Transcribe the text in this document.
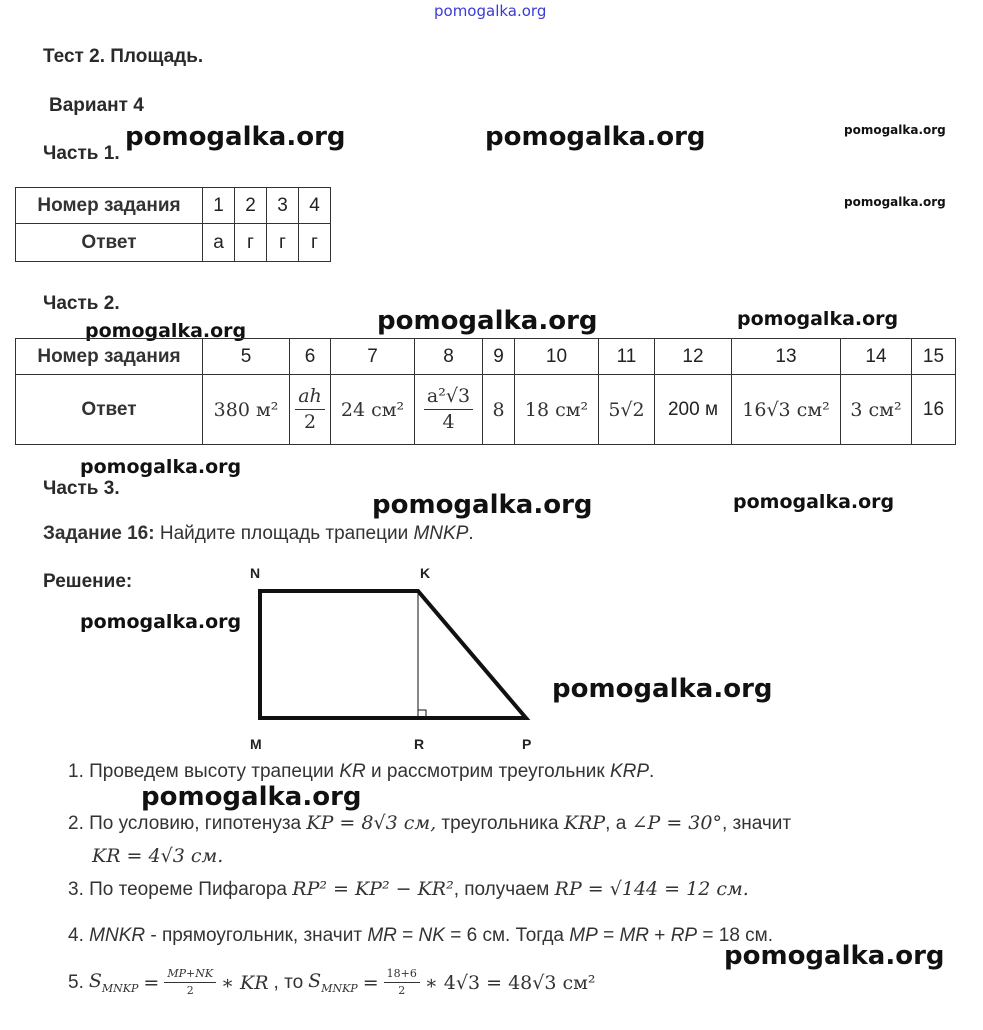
pomogalka.org
pomogalka.org	pomogalka.org	pomogalka.org
pomogalka.org
pomogalka.org	pomogalka.org	pomogalka.org
pomogalka.org
pomogalka.org	pomogalka.org
pomogalka.org
pomogalka.org
pomogalka.org
pomogalka.org
Тест 2. Площадь.
Вариант 4
Часть 1.
Номер задания	1	2	3	4
Ответ	а	г	г	г
Часть 2.
Номер задания	5	6	7	8	9	10	11	12	13	14	15
Ответ	380 м²	$\frac{ah}{2}$	24 см²	$\frac{\text{a²√3}}{4}$	8	18 см²	5√2	200 м	16√3 см²	3 см²	16
Часть 3.
Задание 16: Найдите площадь трапеции MNKP.
Решение:	N	K
M	R	P
1. Проведем высоту трапеции KR и рассмотрим треугольник KRP.
2. По условию, гипотенуза KP = 8√3 см, треугольника KRP, а ∠P = 30°, значит
KR = 4√3 см.
3. По теореме Пифагора RP² = KP² − KR², получаем RP = √144 = 12 см.
4. MNKR - прямоугольник, значит MR = NK = 6 см. Тогда MP = MR + RP = 18 см.
5. $S_{MNKP} = \frac{MP+NK}{2}$ ∗ KR , то $S_{MNKP} = \frac{18+6}{2}$ ∗ 4√3 = 48√3 см²
